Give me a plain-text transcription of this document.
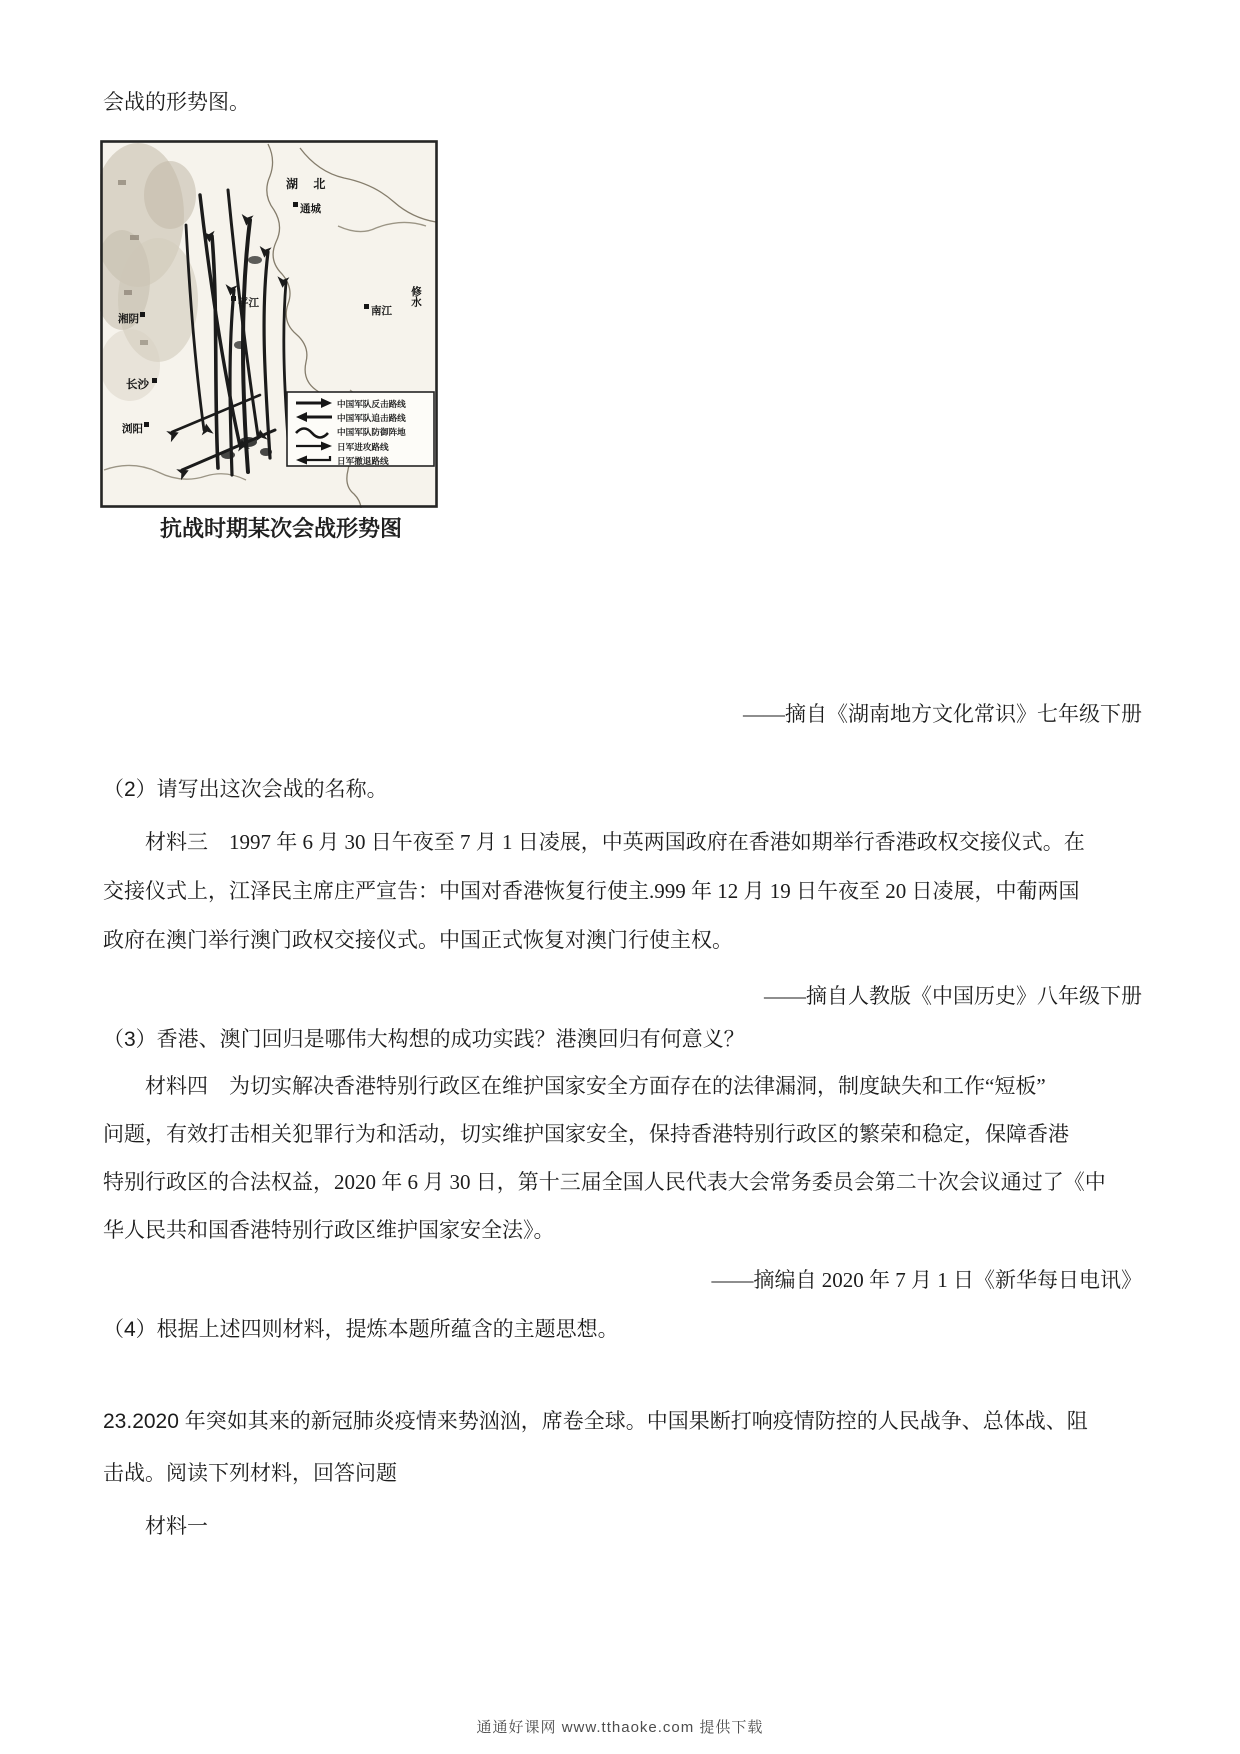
会战的形势图。
湖 北
通城
平江
南江
修水
湘阴
长沙
浏阳
中国军队反击路线
中国军队追击路线
中国军队防御阵地
日军进攻路线
日军撤退路线
抗战时期某次会战形势图
——摘自《湖南地方文化常识》七年级下册
（2）请写出这次会战的名称。
材料三　1997 年 6 月 30 日午夜至 7 月 1 日凌展，中英两国政府在香港如期举行香港政权交接仪式。在
交接仪式上，江泽民主席庄严宣告：中国对香港恢复行使主.999 年 12 月 19 日午夜至 20 日凌展，中葡两国
政府在澳门举行澳门政权交接仪式。中国正式恢复对澳门行使主权。
——摘自人教版《中国历史》八年级下册
（3）香港、澳门回归是哪伟大构想的成功实践？港澳回归有何意义？
材料四　为切实解决香港特别行政区在维护国家安全方面存在的法律漏洞，制度缺失和工作“短板”
问题，有效打击相关犯罪行为和活动，切实维护国家安全，保持香港特别行政区的繁荣和稳定，保障香港
特别行政区的合法权益，2020 年 6 月 30 日，第十三届全国人民代表大会常务委员会第二十次会议通过了《中
华人民共和国香港特别行政区维护国家安全法》。
——摘编自 2020 年 7 月 1 日《新华每日电讯》
（4）根据上述四则材料，提炼本题所蕴含的主题思想。
23.2020 年突如其来的新冠肺炎疫情来势汹汹，席卷全球。中国果断打响疫情防控的人民战争、总体战、阻
击战。阅读下列材料，回答问题
材料一
通通好课网 www.tthaoke.com 提供下载
